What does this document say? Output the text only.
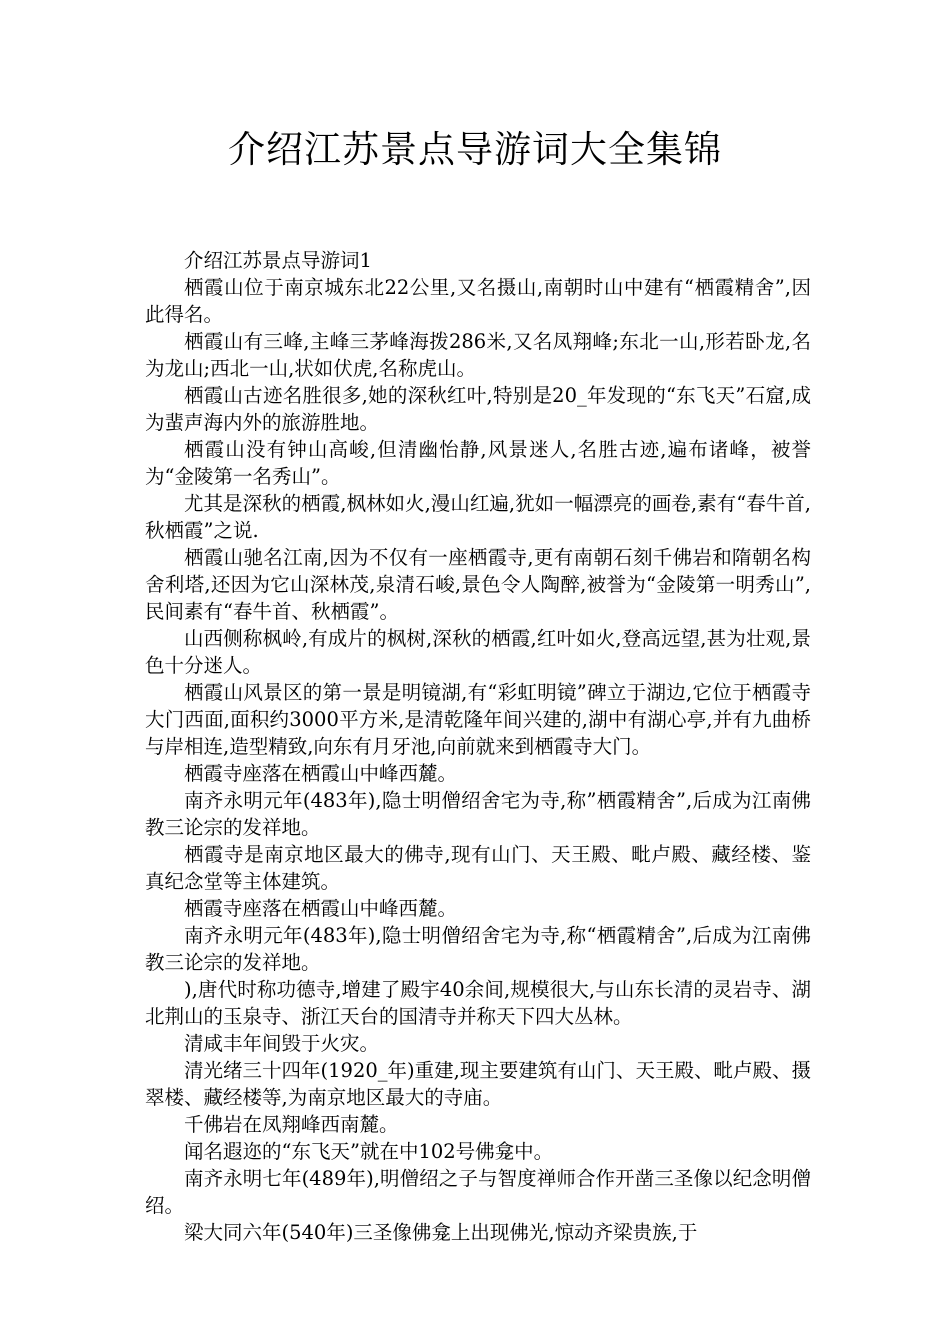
介绍江苏景点导游词大全集锦

介绍江苏景点导游词1

栖霞山位于南京城东北22公里,又名摄山,南朝时山中建有“栖霞精舍”,因此得名。

栖霞山有三峰,主峰三茅峰海拨286米,又名凤翔峰;东北一山,形若卧龙,名为龙山;西北一山,状如伏虎,名称虎山。

栖霞山古迹名胜很多,她的深秋红叶,特别是20_年发现的“东飞天”石窟,成为蜚声海内外的旅游胜地。

栖霞山没有钟山高峻,但清幽怡静,风景迷人,名胜古迹,遍布诸峰，被誉为“金陵第一名秀山”。

尤其是深秋的栖霞,枫林如火,漫山红遍,犹如一幅漂亮的画卷,素有“春牛首,秋栖霞”之说.

栖霞山驰名江南,因为不仅有一座栖霞寺,更有南朝石刻千佛岩和隋朝名构舍利塔,还因为它山深林茂,泉清石峻,景色令人陶醉,被誉为“金陵第一明秀山”,民间素有“春牛首、秋栖霞”。

山西侧称枫岭,有成片的枫树,深秋的栖霞,红叶如火,登高远望,甚为壮观,景色十分迷人。

栖霞山风景区的第一景是明镜湖,有“彩虹明镜”碑立于湖边,它位于栖霞寺大门西面,面积约3000平方米,是清乾隆年间兴建的,湖中有湖心亭,并有九曲桥与岸相连,造型精致,向东有月牙池,向前就来到栖霞寺大门。

栖霞寺座落在栖霞山中峰西麓。

南齐永明元年(483年),隐士明僧绍舍宅为寺,称”栖霞精舍”,后成为江南佛教三论宗的发祥地。

栖霞寺是南京地区最大的佛寺,现有山门、天王殿、毗卢殿、藏经楼、鉴真纪念堂等主体建筑。

栖霞寺座落在栖霞山中峰西麓。

南齐永明元年(483年),隐士明僧绍舍宅为寺,称“栖霞精舍”,后成为江南佛教三论宗的发祥地。

),唐代时称功德寺,增建了殿宇40余间,规模很大,与山东长清的灵岩寺、湖北荆山的玉泉寺、浙江天台的国清寺并称天下四大丛林。

清咸丰年间毁于火灾。

清光绪三十四年(1920_年)重建,现主要建筑有山门、天王殿、毗卢殿、摄翠楼、藏经楼等,为南京地区最大的寺庙。

千佛岩在凤翔峰西南麓。

闻名遐迩的“东飞天”就在中102号佛龛中。

南齐永明七年(489年),明僧绍之子与智度禅师合作开凿三圣像以纪念明僧绍。

梁大同六年(540年)三圣像佛龛上出现佛光,惊动齐梁贵族,于
